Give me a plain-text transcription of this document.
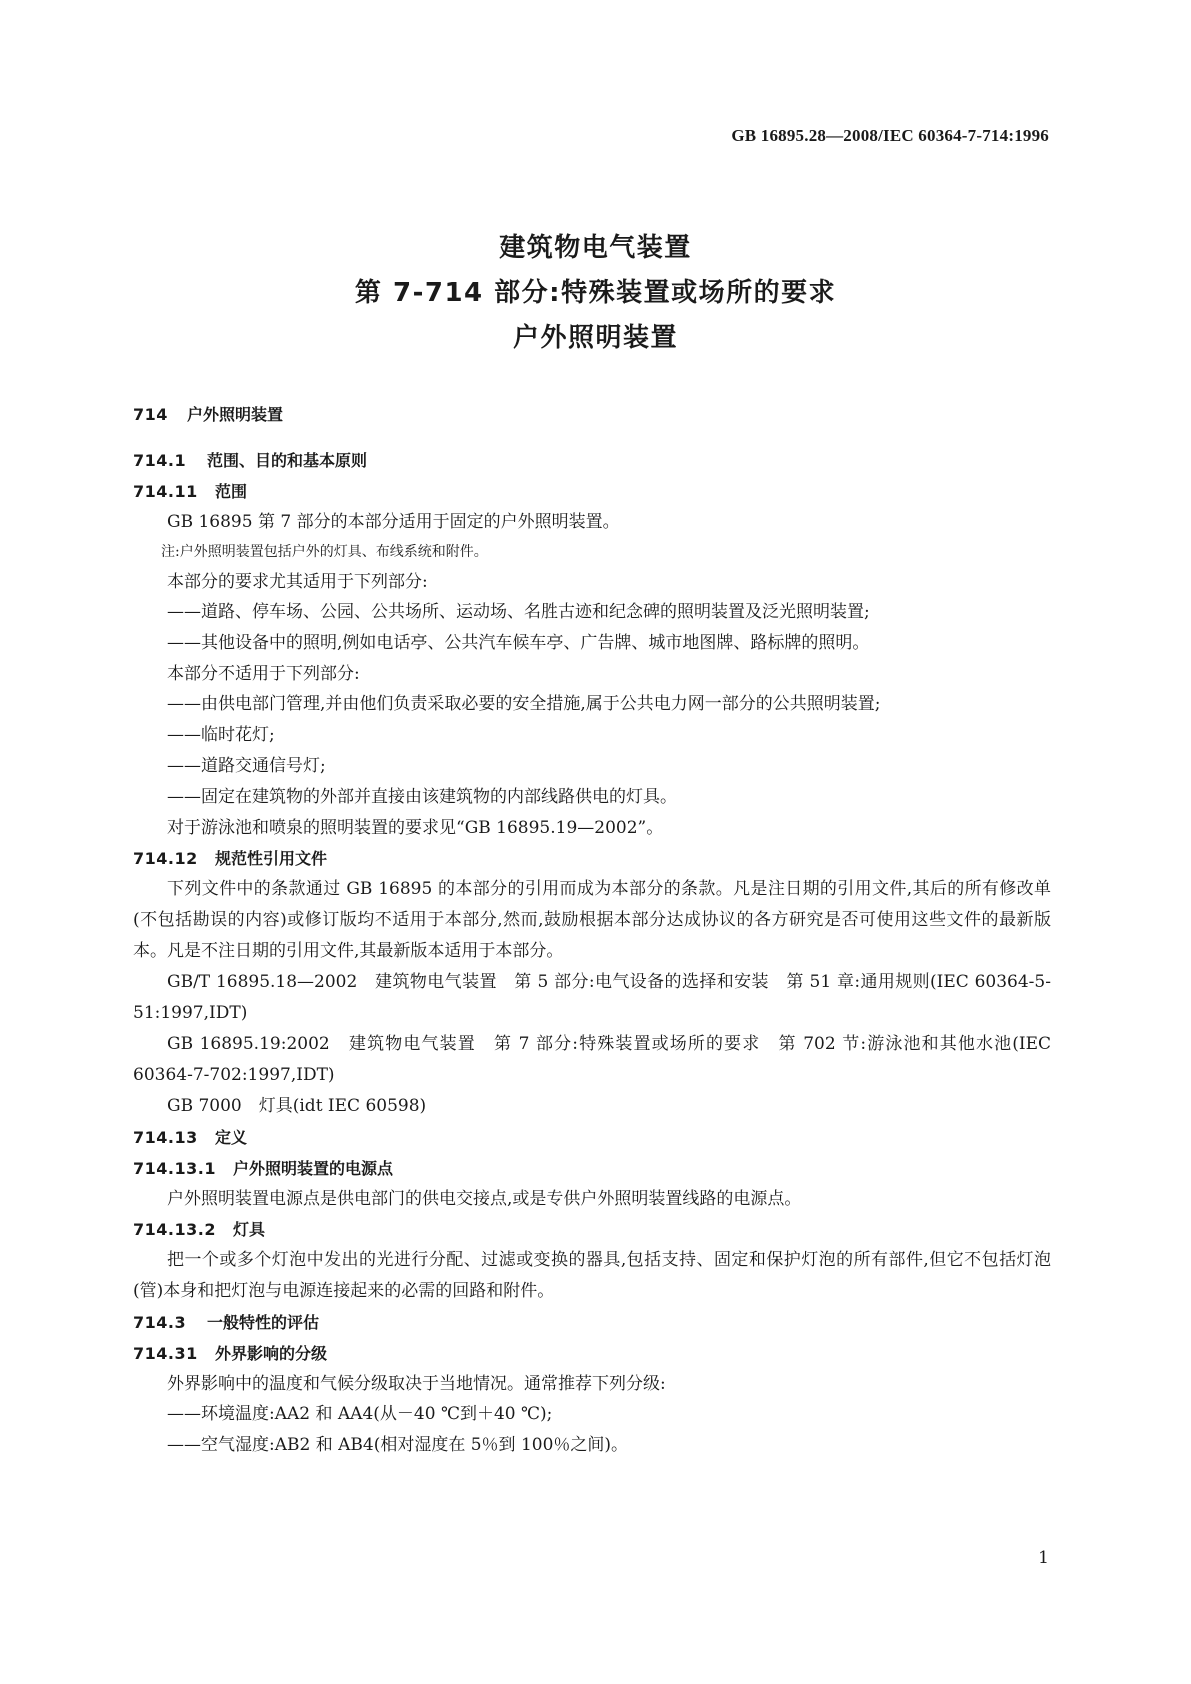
GB 16895.28—2008/IEC 60364-7-714:1996
建筑物电气装置
第 7-714 部分:特殊装置或场所的要求
户外照明装置
714 户外照明装置
714.1 范围、目的和基本原则
714.11 范围
GB 16895 第 7 部分的本部分适用于固定的户外照明装置。
注:户外照明装置包括户外的灯具、布线系统和附件。
本部分的要求尤其适用于下列部分:
——道路、停车场、公园、公共场所、运动场、名胜古迹和纪念碑的照明装置及泛光照明装置;
——其他设备中的照明,例如电话亭、公共汽车候车亭、广告牌、城市地图牌、路标牌的照明。
本部分不适用于下列部分:
——由供电部门管理,并由他们负责采取必要的安全措施,属于公共电力网一部分的公共照明装置;
——临时花灯;
——道路交通信号灯;
——固定在建筑物的外部并直接由该建筑物的内部线路供电的灯具。
对于游泳池和喷泉的照明装置的要求见“GB 16895.19—2002”。
714.12 规范性引用文件
下列文件中的条款通过 GB 16895 的本部分的引用而成为本部分的条款。凡是注日期的引用文件,其后的所有修改单(不包括勘误的内容)或修订版均不适用于本部分,然而,鼓励根据本部分达成协议的各方研究是否可使用这些文件的最新版本。凡是不注日期的引用文件,其最新版本适用于本部分。
GB/T 16895.18—2002　建筑物电气装置　第 5 部分:电气设备的选择和安装　第 51 章:通用规则(IEC 60364-5-51:1997,IDT)
GB 16895.19:2002　建筑物电气装置　第 7 部分:特殊装置或场所的要求　第 702 节:游泳池和其他水池(IEC 60364-7-702:1997,IDT)
GB 7000　灯具(idt IEC 60598)
714.13 定义
714.13.1 户外照明装置的电源点
户外照明装置电源点是供电部门的供电交接点,或是专供户外照明装置线路的电源点。
714.13.2 灯具
把一个或多个灯泡中发出的光进行分配、过滤或变换的器具,包括支持、固定和保护灯泡的所有部件,但它不包括灯泡(管)本身和把灯泡与电源连接起来的必需的回路和附件。
714.3 一般特性的评估
714.31 外界影响的分级
外界影响中的温度和气候分级取决于当地情况。通常推荐下列分级:
——环境温度:AA2 和 AA4(从－40 ℃到＋40 ℃);
——空气湿度:AB2 和 AB4(相对湿度在 5％到 100％之间)。
1
